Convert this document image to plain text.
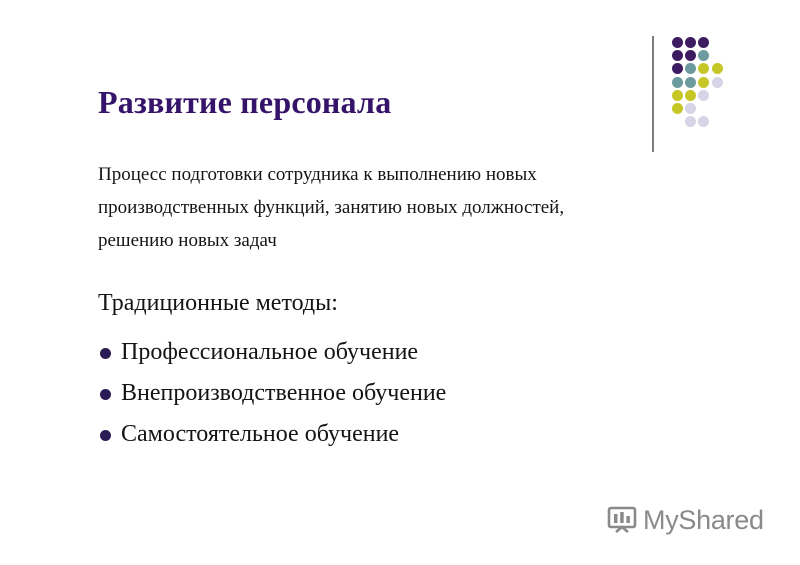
Развитие персонала
Процесс подготовки сотрудника к выполнению новых
производственных функций, занятию новых должностей,
решению новых задач
Традиционные методы:
Профессиональное обучение
Внепроизводственное обучение
Самостоятельное обучение
MyShared
